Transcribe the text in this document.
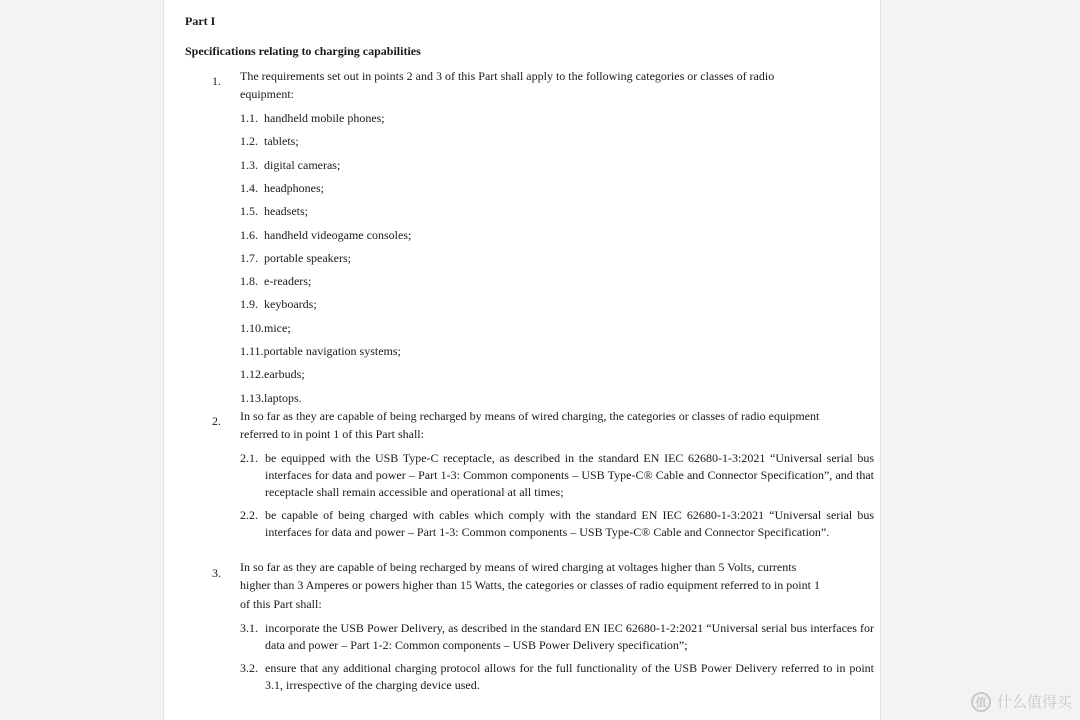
Part I
Specifications relating to charging capabilities
1. The requirements set out in points 2 and 3 of this Part shall apply to the following categories or classes of radio
equipment:
1.1. handheld mobile phones;
1.2. tablets;
1.3. digital cameras;
1.4. headphones;
1.5. headsets;
1.6. handheld videogame consoles;
1.7. portable speakers;
1.8. e-readers;
1.9. keyboards;
1.10.mice;
1.11.portable navigation systems;
1.12.earbuds;
1.13.laptops.
2. In so far as they are capable of being recharged by means of wired charging, the categories or classes of radio equipment
referred to in point 1 of this Part shall:
2.1. be equipped with the USB Type-C receptacle, as described in the standard EN IEC 62680-1-3:2021 “Universal serial bus interfaces for data and power – Part 1-3: Common components – USB Type-C® Cable and Connector Specification”, and that receptacle shall remain accessible and operational at all times;
2.2. be capable of being charged with cables which comply with the standard EN IEC 62680-1-3:2021 “Universal serial bus interfaces for data and power – Part 1-3: Common components – USB Type-C® Cable and Connector Specification”.
3. In so far as they are capable of being recharged by means of wired charging at voltages higher than 5 Volts, currents
higher than 3 Amperes or powers higher than 15 Watts, the categories or classes of radio equipment referred to in point 1
of this Part shall:
3.1. incorporate the USB Power Delivery, as described in the standard EN IEC 62680-1-2:2021 “Universal serial bus interfaces for data and power – Part 1-2: Common components – USB Power Delivery specification”;
3.2. ensure that any additional charging protocol allows for the full functionality of the USB Power Delivery referred to in point 3.1, irrespective of the charging device used.
值 什么值得买
